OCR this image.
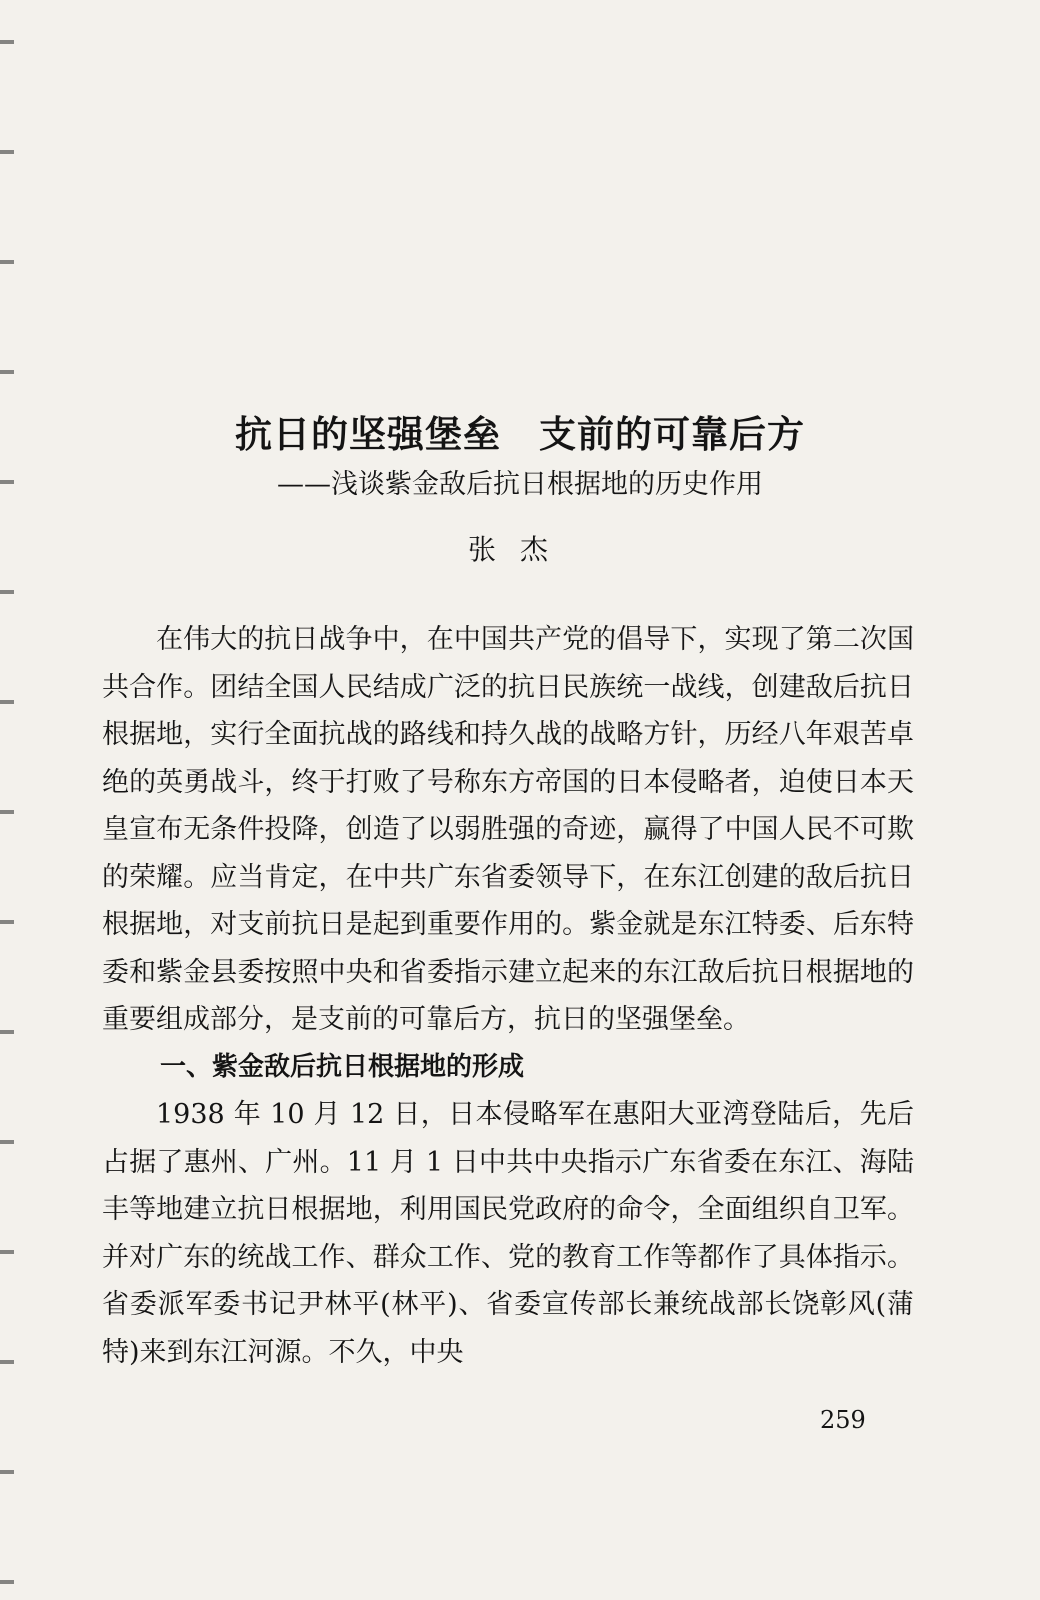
抗日的坚强堡垒　支前的可靠后方
——浅谈紫金敌后抗日根据地的历史作用
张杰

在伟大的抗日战争中，在中国共产党的倡导下，实现了第二次国共合作。团结全国人民结成广泛的抗日民族统一战线，创建敌后抗日根据地，实行全面抗战的路线和持久战的战略方针，历经八年艰苦卓绝的英勇战斗，终于打败了号称东方帝国的日本侵略者，迫使日本天皇宣布无条件投降，创造了以弱胜强的奇迹，赢得了中国人民不可欺的荣耀。应当肯定，在中共广东省委领导下，在东江创建的敌后抗日根据地，对支前抗日是起到重要作用的。紫金就是东江特委、后东特委和紫金县委按照中央和省委指示建立起来的东江敌后抗日根据地的重要组成部分，是支前的可靠后方，抗日的坚强堡垒。

一、紫金敌后抗日根据地的形成

1938 年 10 月 12 日，日本侵略军在惠阳大亚湾登陆后，先后占据了惠州、广州。11 月 1 日中共中央指示广东省委在东江、海陆丰等地建立抗日根据地，利用国民党政府的命令，全面组织自卫军。并对广东的统战工作、群众工作、党的教育工作等都作了具体指示。省委派军委书记尹林平(林平)、省委宣传部长兼统战部长饶彰风(蒲特)来到东江河源。不久，中央

259
